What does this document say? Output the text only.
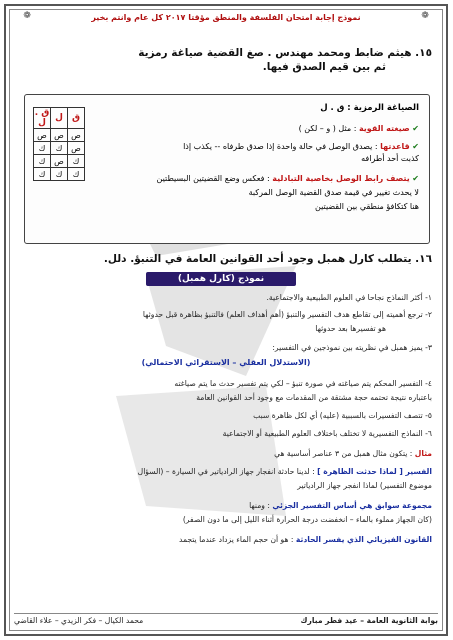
❁
❁	نموذج إجابة امتحان الفلسفة والمنطق مؤقتا ٢٠١٧ كل عام وانتم بخير
١٥. هيثم ضابط ومحمد مهندس . صغ القضية صياغة رمزية
ثم بين قيم الصدق فيها.
الصياغة الرمزية : ق . ل
ق	ل	ق . ل
ص	ص	ص
ص	ك	ك
ك	ص	ك
ك	ك	ك
✔ صيغته القوية : مثل ( و – لكن )
✔ قاعدتها : يصدق الوصل في حالة واحدة إذا صدق طرفاه -- يكذب إذا
كذبت أحد أطرافه
✔ يتصف رابط الوصل بخاصية التبادلية : فعكس وضع القضيتين البسيطتين
لا يحدث تغيير في قيمة صدق القضية الوصل المركبة
هنا كتكافؤ منطقي بين القضيتين
١٦. يتطلب كارل همبل وجود أحد القوانين العامة في التنبؤ. دلل.
نموذج (كارل همبل)
١- أكثر النماذج نجاحا في العلوم الطبيعية والاجتماعية.
٢- ترجع أهميته إلى تقاطع هدف التفسير والتنبؤ (أهم أهداف العلم) فالتنبؤ بظاهرة قبل حدوثها
هو تفسيرها بعد حدوثها
٣- يميز همبل في نظريته بين نموذجين في التفسير:
(الاستدلال العقلي – الاستقرائي الاحتمالي)
٤- التفسير المحكم يتم صياغته في صورة تنبؤ – لكي يتم تفسير حدث ما يتم صياغته
باعتباره نتيجة تحتمه حجة مشتقة من المقدمات مع وجود أحد القوانين العامة
٥- تتصف التفسيرات بالسببية (عليه) أي لكل ظاهرة سبب
٦- النماذج التفسيرية لا تختلف باختلاف العلوم الطبيعية أو الاجتماعية
مثال : يتكون مثال همبل من ٣ عناصر أساسية هي
الفسير [ لماذا حدثت الظاهرة ] : لدينا حادثة انفجار جهاز الرادياتير في السيارة – (السؤال
موضوع التفسير) لماذا انفجر جهاز الرادياتير
مجموعة سوابق هي أساس التفسير الجزئي : ومنها
(كان الجهاز مملوء بالماء – انخفضت درجة الحرارة أثناء الليل إلى ما دون الصفر)
القانون الفيزيائي الذي يفسر الحادثة : هو أن حجم الماء يزداد عندما يتجمد
بوابة الثانوية العامة – عيد فطر مبارك
محمد الكيال – فكر الزيدي – علاء القاضي
